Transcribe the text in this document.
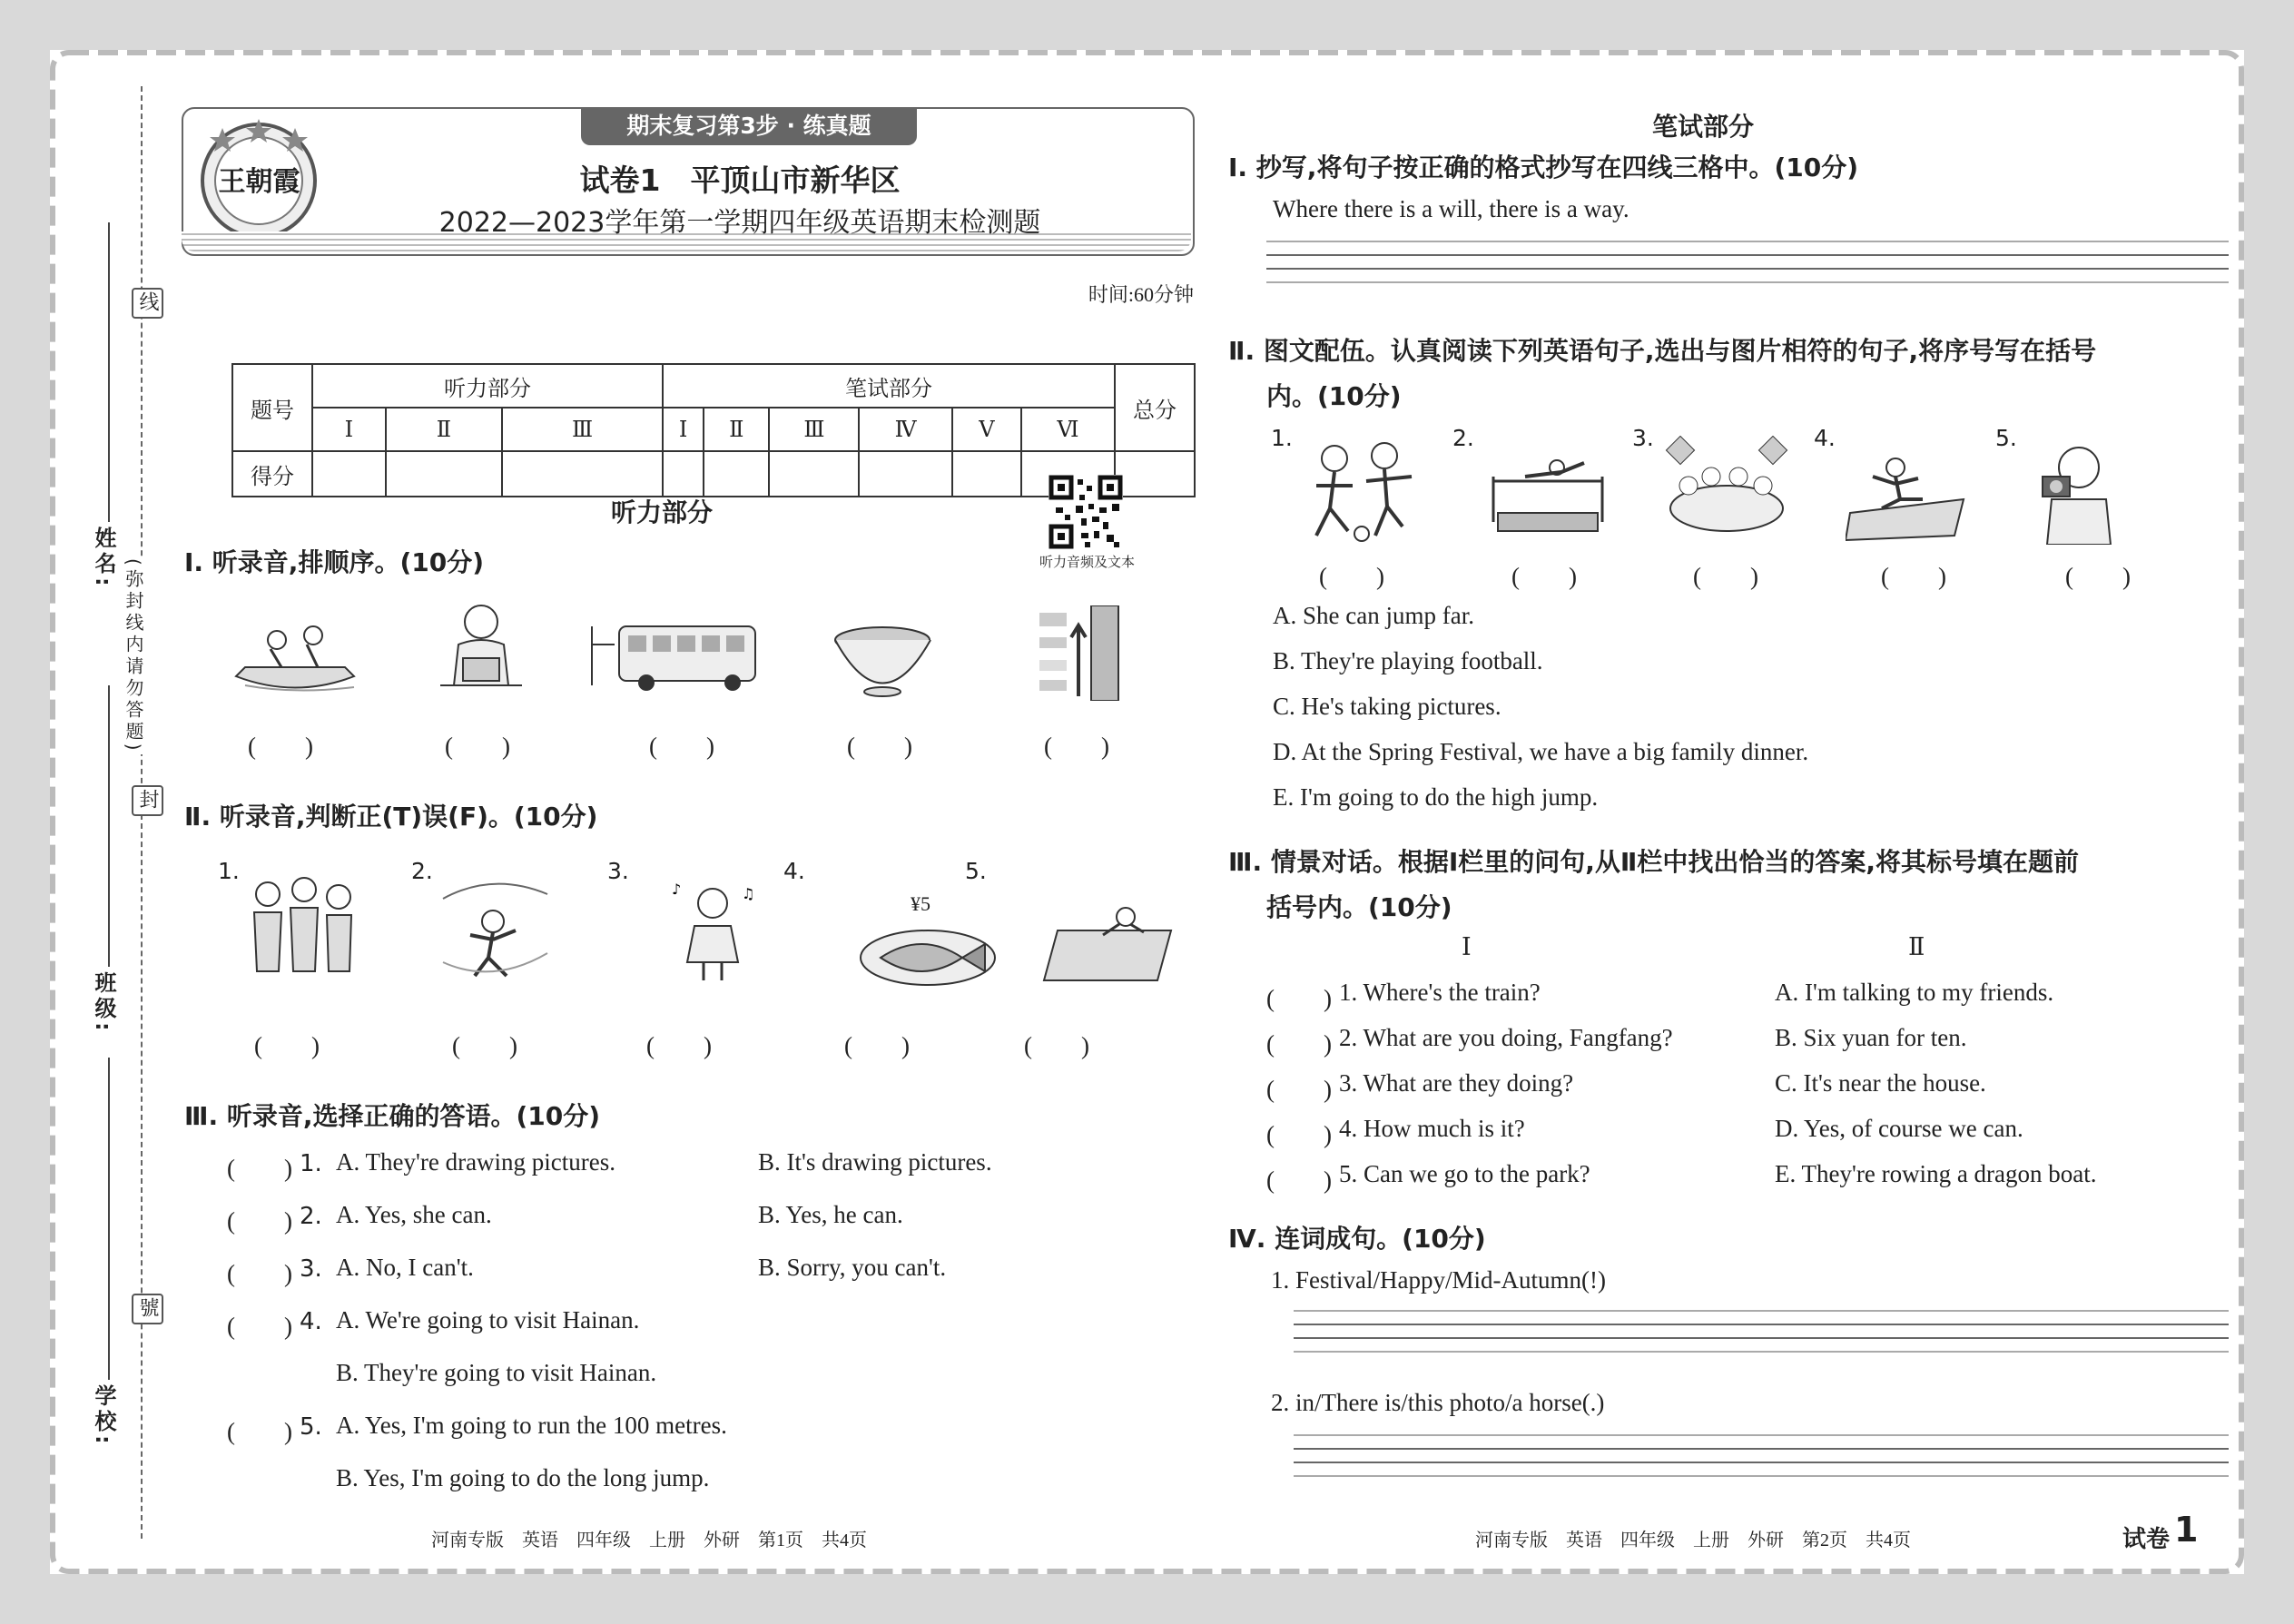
线
封
號
(弥封线内请勿答题)
姓名:
班级:
学校:
期末复习第3步 · 练真题
王朝霞	试卷1　平顶山市新华区
2022—2023学年第一学期四年级英语期末检测题
时间:60分钟
题号	听力部分			笔试部分						总分
	Ⅰ	Ⅱ	Ⅲ	Ⅰ	Ⅱ	Ⅲ	Ⅳ	Ⅴ	Ⅵ	
得分										
听力部分
听力音频及文本
Ⅰ. 听录音,排顺序。(10分)
(　　)	(　　)	(　　)	(　　)	(　　)
Ⅱ. 听录音,判断正(T)误(F)。(10分)
1.	2.	3.	4.	5.
♪	♫	¥5
(　　)	(　　)	(　　)	(　　)	(　　)
Ⅲ. 听录音,选择正确的答语。(10分)
(　　) 1. A. They're drawing pictures.	B. It's drawing pictures.
(　　) 2. A. Yes, she can.	B. Yes, he can.
(　　) 3. A. No, I can't.	B. Sorry, you can't.
(　　) 4. A. We're going to visit Hainan.
B. They're going to visit Hainan.
(　　) 5. A. Yes, I'm going to run the 100 metres.
B. Yes, I'm going to do the long jump.
笔试部分
Ⅰ. 抄写,将句子按正确的格式抄写在四线三格中。(10分)
Where there is a will, there is a way.
Ⅱ. 图文配伍。认真阅读下列英语句子,选出与图片相符的句子,将序号写在括号
内。(10分)
1.	2.	3.	4.	5.
(　　)	(　　)	(　　)	(　　)	(　　)
A. She can jump far.
B. They're playing football.
C. He's taking pictures.
D. At the Spring Festival, we have a big family dinner.
E. I'm going to do the high jump.
Ⅲ. 情景对话。根据Ⅰ栏里的问句,从Ⅱ栏中找出恰当的答案,将其标号填在题前
括号内。(10分)
Ⅰ	Ⅱ
(　　) 1. Where's the train?	A. I'm talking to my friends.
(　　) 2. What are you doing, Fangfang?	B. Six yuan for ten.
(　　) 3. What are they doing?	C. It's near the house.
(　　) 4. How much is it?	D. Yes, of course we can.
(　　) 5. Can we go to the park?	E. They're rowing a dragon boat.
Ⅳ. 连词成句。(10分)
1. Festival/Happy/Mid-Autumn(!)
2. in/There is/this photo/a horse(.)
河南专版　英语　四年级　上册　外研　第1页　共4页	河南专版　英语　四年级　上册　外研　第2页　共4页	试卷 1
